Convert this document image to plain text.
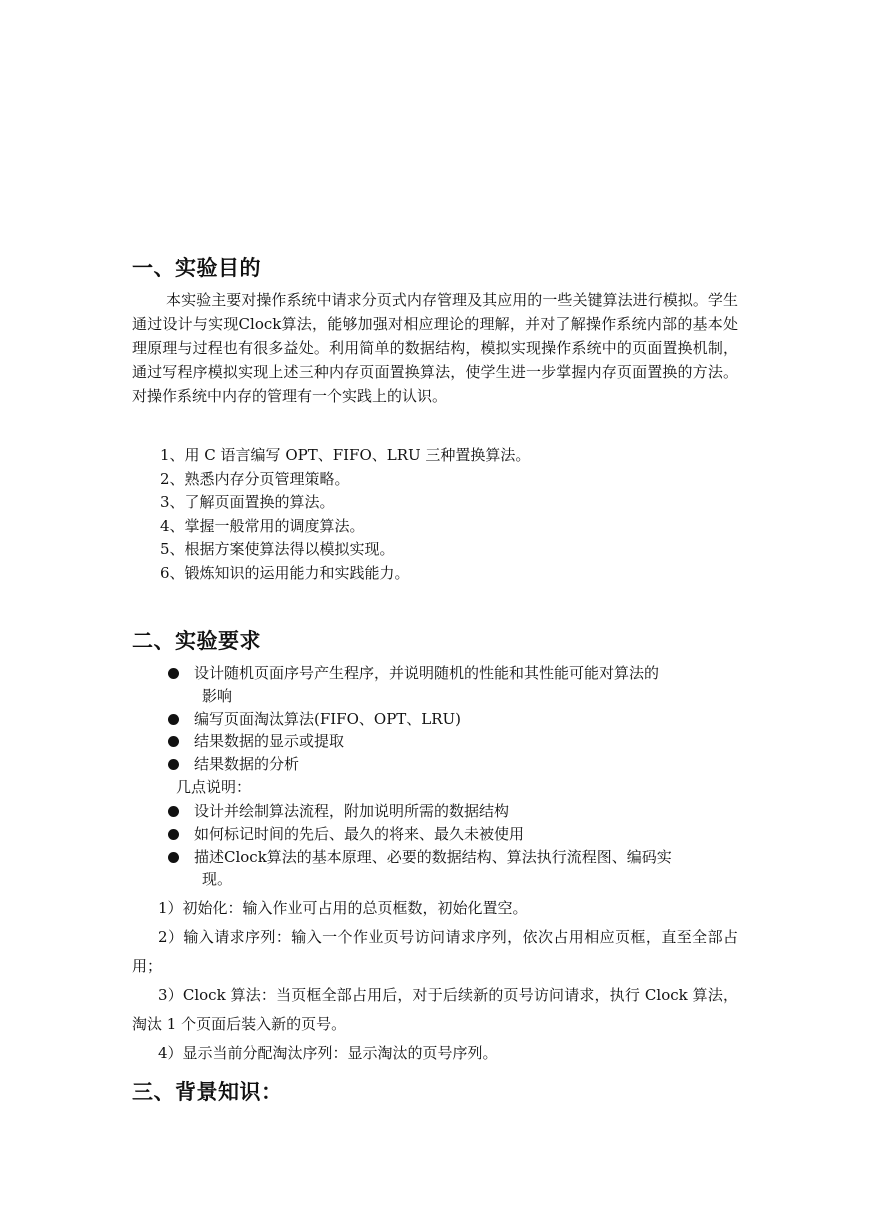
一、实验目的
本实验主要对操作系统中请求分页式内存管理及其应用的一些关键算法进行模拟。学生通过设计与实现Clock算法，能够加强对相应理论的理解，并对了解操作系统内部的基本处理原理与过程也有很多益处。利用简单的数据结构，模拟实现操作系统中的页面置换机制，通过写程序模拟实现上述三种内存页面置换算法，使学生进一步掌握内存页面置换的方法。对操作系统中内存的管理有一个实践上的认识。
1、用 C 语言编写 OPT、FIFO、LRU 三种置换算法。
2、熟悉内存分页管理策略。
3、了解页面置换的算法。
4、掌握一般常用的调度算法。
5、根据方案使算法得以模拟实现。
6、锻炼知识的运用能力和实践能力。
二、实验要求
设计随机页面序号产生程序，并说明随机的性能和其性能可能对算法的
影响
编写页面淘汰算法(FIFO、OPT、LRU)
结果数据的显示或提取
结果数据的分析
几点说明：
设计并绘制算法流程，附加说明所需的数据结构
如何标记时间的先后、最久的将来、最久未被使用
描述Clock算法的基本原理、必要的数据结构、算法执行流程图、编码实
现。
1）初始化：输入作业可占用的总页框数，初始化置空。
2）输入请求序列：输入一个作业页号访问请求序列，依次占用相应页框，直至全部占用；
3）Clock 算法：当页框全部占用后，对于后续新的页号访问请求，执行 Clock 算法，淘汰 1 个页面后装入新的页号。
4）显示当前分配淘汰序列：显示淘汰的页号序列。
三、背景知识：
